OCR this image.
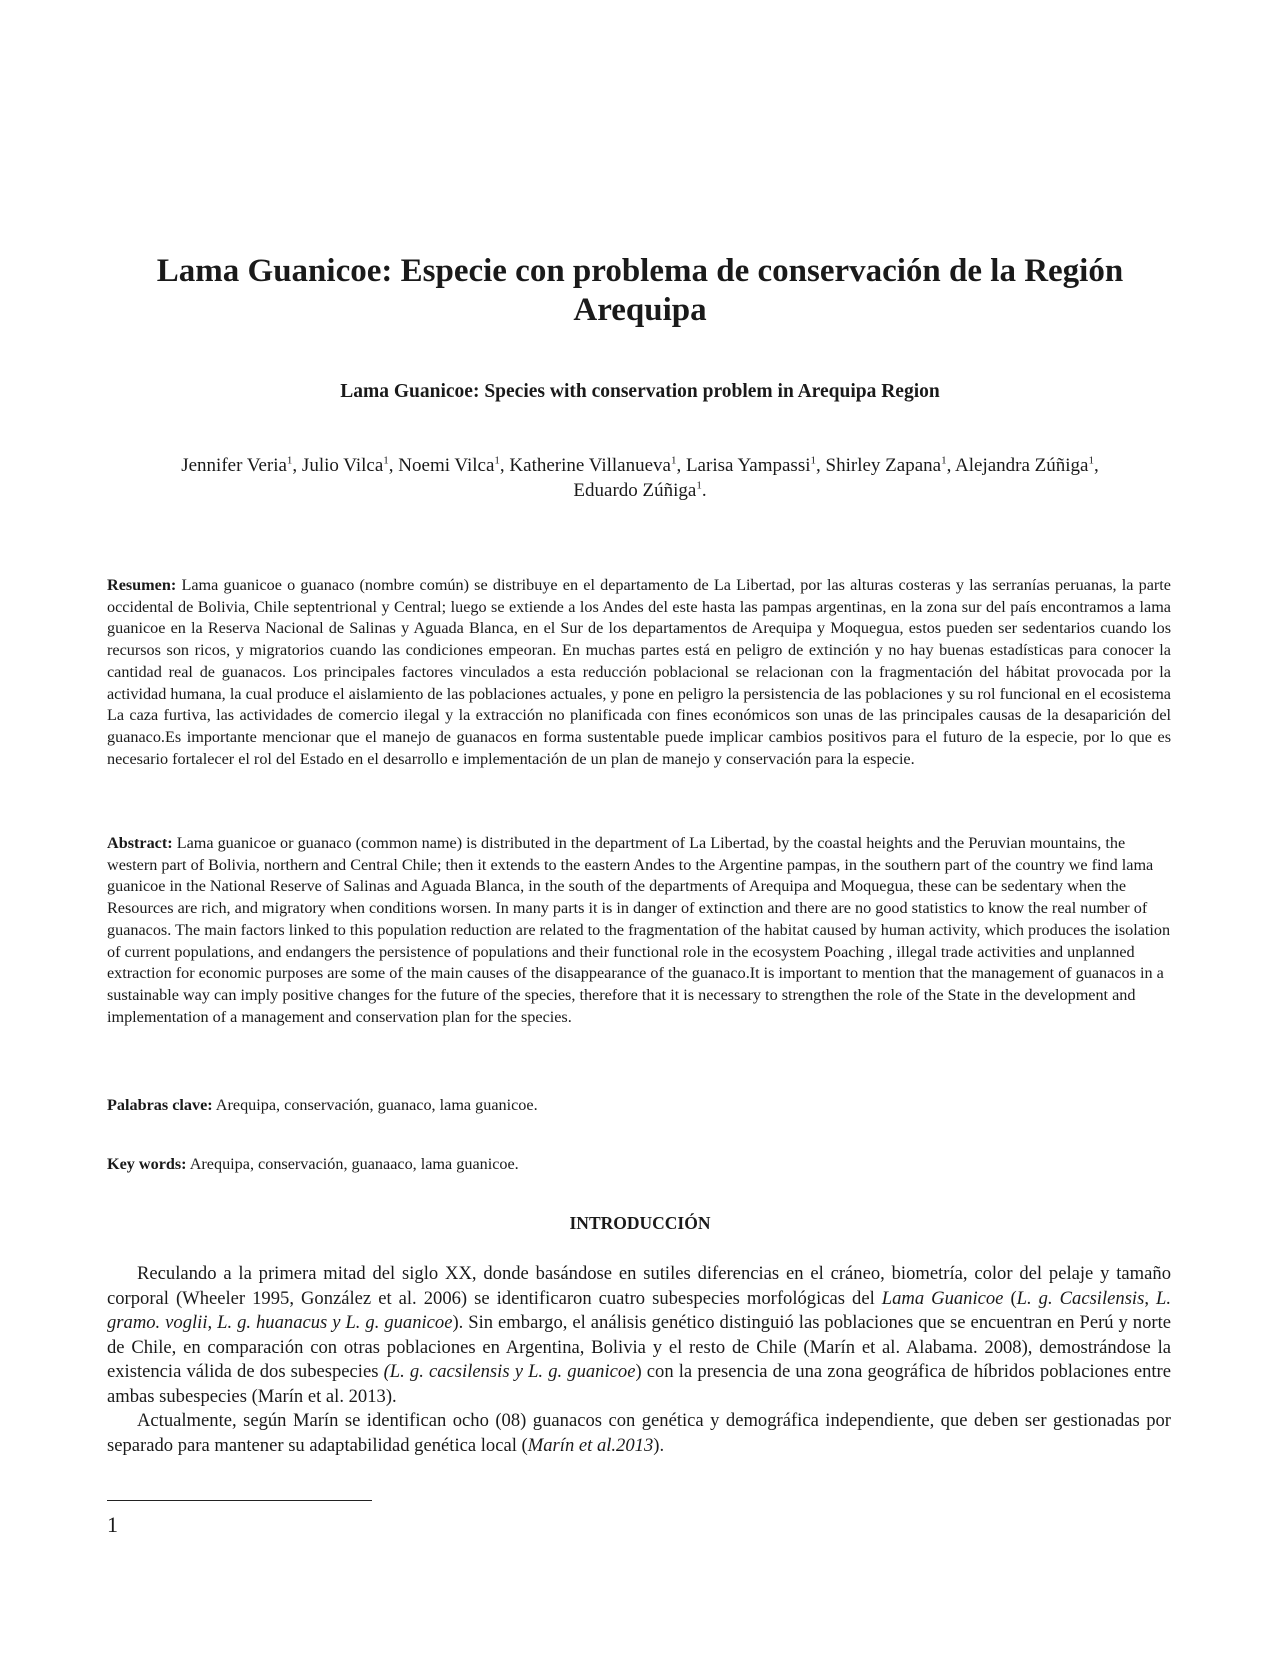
Lama Guanicoe: Especie con problema de conservación de la Región Arequipa
Lama Guanicoe: Species with conservation problem in Arequipa Region

Jennifer Veria$^1$, Julio Vilca$^1$, Noemi Vilca$^1$, Katherine Villanueva$^1$, Larisa Yampassi$^1$, Shirley Zapana$^1$, Alejandra Zúñiga$^1$,
Eduardo Zúñiga$^1$.

Resumen: Lama guanicoe o guanaco (nombre común) se distribuye en el departamento de La Libertad, por las alturas costeras y las serranías peruanas, la parte occidental de Bolivia, Chile septentrional y Central; luego se extiende a los Andes del este hasta las pampas argentinas, en la zona sur del país encontramos a lama guanicoe en la Reserva Nacional de Salinas y Aguada Blanca, en el Sur de los departamentos de Arequipa y Moquegua, estos pueden ser sedentarios cuando los recursos son ricos, y migratorios cuando las condiciones empeoran. En muchas partes está en peligro de extinción y no hay buenas estadísticas para conocer la cantidad real de guanacos. Los principales factores vinculados a esta reducción poblacional se relacionan con la fragmentación del hábitat provocada por la actividad humana, la cual produce el aislamiento de las poblaciones actuales, y pone en peligro la persistencia de las poblaciones y su rol funcional en el ecosistema La caza furtiva, las actividades de comercio ilegal y la extracción no planificada con fines económicos son unas de las principales causas de la desaparición del guanaco.Es importante mencionar que el manejo de guanacos en forma sustentable puede implicar cambios positivos para el futuro de la especie, por lo que es necesario fortalecer el rol del Estado en el desarrollo e implementación de un plan de manejo y conservación para la especie.

Abstract: Lama guanicoe or guanaco (common name) is distributed in the department of La Libertad, by the coastal heights and the Peruvian mountains, the western part of Bolivia, northern and Central Chile; then it extends to the eastern Andes to the Argentine pampas, in the southern part of the country we find lama guanicoe in the National Reserve of Salinas and Aguada Blanca, in the south of the departments of Arequipa and Moquegua, these can be sedentary when the Resources are rich, and migratory when conditions worsen. In many parts it is in danger of extinction and there are no good statistics to know the real number of guanacos. The main factors linked to this population reduction are related to the fragmentation of the habitat caused by human activity, which produces the isolation of current populations, and endangers the persistence of populations and their functional role in the ecosystem Poaching , illegal trade activities and unplanned extraction for economic purposes are some of the main causes of the disappearance of the guanaco.It is important to mention that the management of guanacos in a sustainable way can imply positive changes for the future of the species, therefore that it is necessary to strengthen the role of the State in the development and implementation of a management and conservation plan for the species.

Palabras clave: Arequipa, conservación, guanaco, lama guanicoe.

Key words: Arequipa, conservación, guanaaco, lama guanicoe.

INTRODUCCIÓN

Reculando a la primera mitad del siglo XX, donde basándose en sutiles diferencias en el cráneo, biometría, color del pelaje y tamaño corporal (Wheeler 1995, González et al. 2006) se identificaron cuatro subespecies morfológicas del Lama Guanicoe (L. g. Cacsilensis, L. gramo. voglii, L. g. huanacus y L. g. guanicoe). Sin embargo, el análisis genético distinguió las poblaciones que se encuentran en Perú y norte de Chile, en comparación con otras poblaciones en Argentina, Bolivia y el resto de Chile (Marín et al. Alabama. 2008), demostrándose la existencia válida de dos subespecies (L. g. cacsilensis y L. g. guanicoe) con la presencia de una zona geográfica de híbridos poblaciones entre ambas subespecies (Marín et al. 2013).

Actualmente, según Marín se identifican ocho (08) guanacos con genética y demográfica independiente, que deben ser gestionadas por separado para mantener su adaptabilidad genética local (Marín et al.2013).

1
